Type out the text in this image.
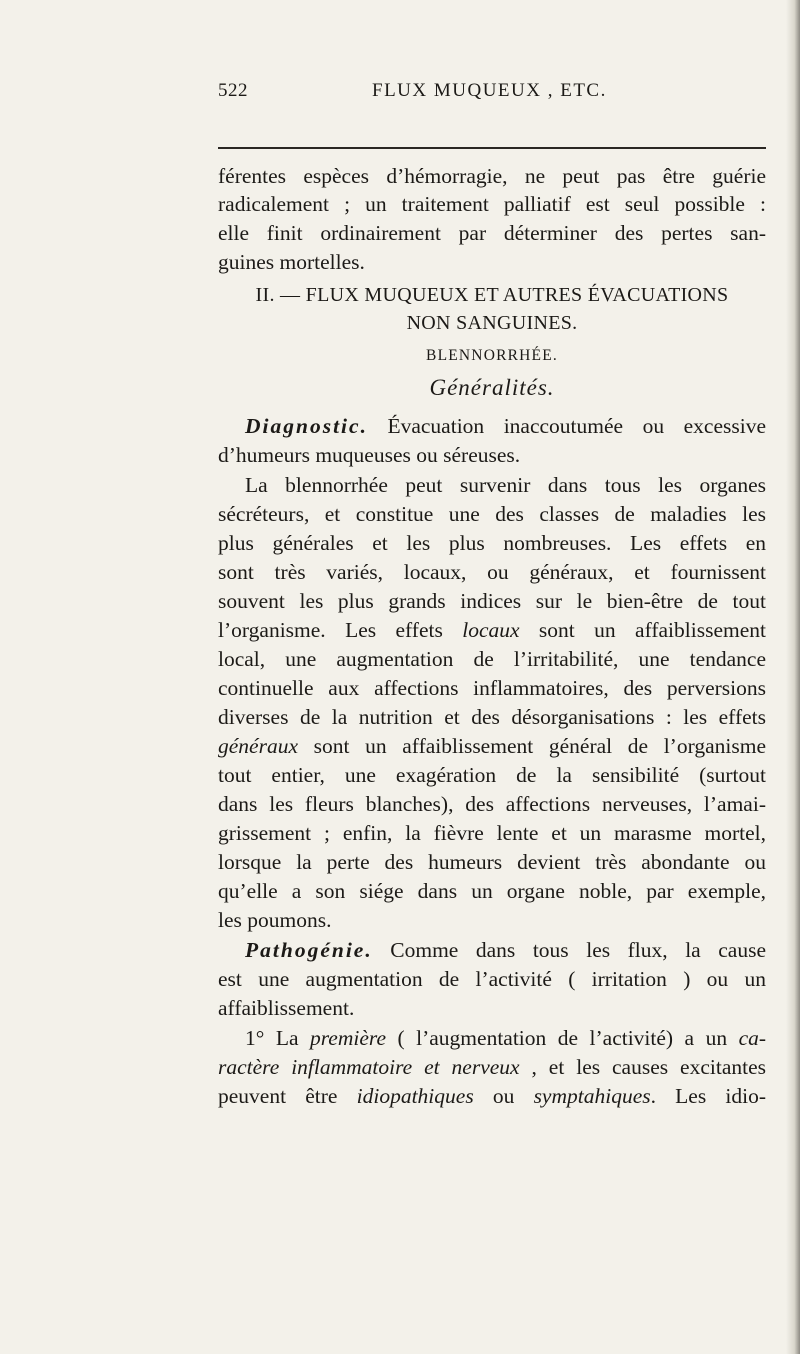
522	FLUX MUQUEUX , ETC.
férentes espèces d’hémorragie, ne peut pas être guérie
radicalement ; un traitement palliatif est seul possible :
elle finit ordinairement par déterminer des pertes san-
guines mortelles.
II. — FLUX MUQUEUX ET AUTRES ÉVACUATIONS
NON SANGUINES.
BLENNORRHÉE.
Généralités.
Diagnostic. Évacuation inaccoutumée ou excessive
d’humeurs muqueuses ou séreuses.
La blennorrhée peut survenir dans tous les organes
sécréteurs, et constitue une des classes de maladies les
plus générales et les plus nombreuses. Les effets en
sont très variés, locaux, ou généraux, et fournissent
souvent les plus grands indices sur le bien-être de tout
l’organisme. Les effets locaux sont un affaiblissement
local, une augmentation de l’irritabilité, une tendance
continuelle aux affections inflammatoires, des perversions
diverses de la nutrition et des désorganisations : les effets
généraux sont un affaiblissement général de l’organisme
tout entier, une exagération de la sensibilité (surtout
dans les fleurs blanches), des affections nerveuses, l’amai-
grissement ; enfin, la fièvre lente et un marasme mortel,
lorsque la perte des humeurs devient très abondante ou
qu’elle a son siége dans un organe noble, par exemple,
les poumons.
Pathogénie. Comme dans tous les flux, la cause
est une augmentation de l’activité ( irritation ) ou un
affaiblissement.
1° La première ( l’augmentation de l’activité) a un ca-
ractère inflammatoire et nerveux , et les causes excitantes
peuvent être idiopathiques ou symptahiques. Les idio-
